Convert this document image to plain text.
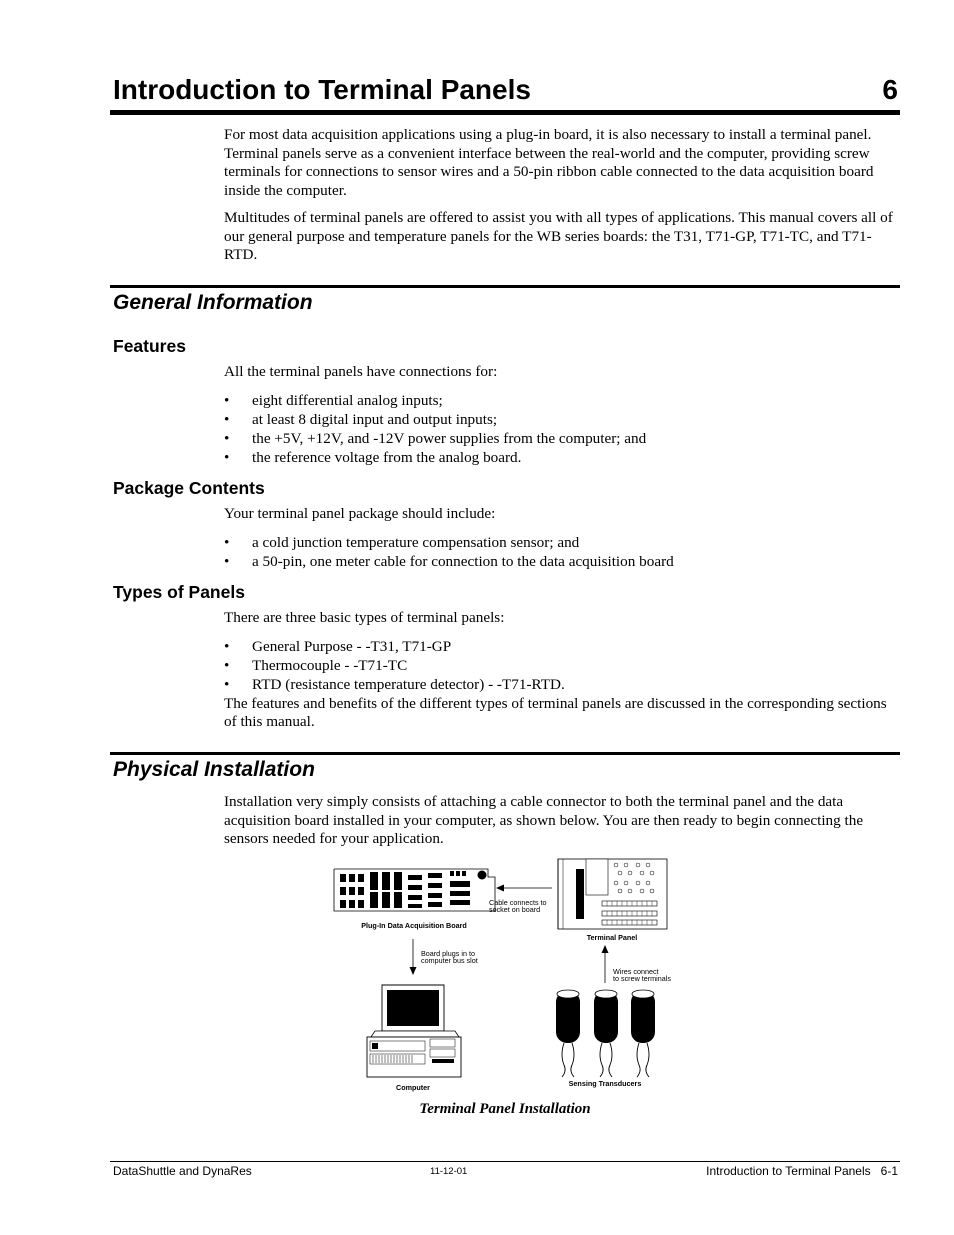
Introduction to Terminal Panels	6

For most data acquisition applications using a plug-in board, it is also necessary to install a terminal panel. Terminal panels serve as a convenient interface between the real-world and the computer, providing screw terminals for connections to sensor wires and a 50-pin ribbon cable connected to the data acquisition board inside the computer.

Multitudes of terminal panels are offered to assist you with all types of applications. This manual covers all of our general purpose and temperature panels for the WB series boards: the T31, T71-GP, T71-TC, and T71-RTD.

General Information
Features

All the terminal panels have connections for:

• eight differential analog inputs;
• at least 8 digital input and output inputs;
• the +5V, +12V, and -12V power supplies from the computer; and
• the reference voltage from the analog board.
Package Contents

Your terminal panel package should include:

• a cold junction temperature compensation sensor; and
• a 50-pin, one meter cable for connection to the data acquisition board
Types of Panels

There are three basic types of terminal panels:

• General Purpose - -T31, T71-GP
• Thermocouple - -T71-TC
• RTD (resistance temperature detector) - -T71-RTD.

The features and benefits of the different types of terminal panels are discussed in the corresponding sections of this manual.

Physical Installation
Installation very simply consists of attaching a cable connector to both the terminal panel and the data acquisition board installed in your computer, as shown below. You are then ready to begin connecting the sensors needed for your application.
Plug-In Data Acquisition Board
Cable connects to
socket on board
Terminal Panel
Board plugs in to
computer bus slot
Wires connect
to screw terminals
Computer	Sensing Transducers
Terminal Panel Installation
DataShuttle and DynaRes	11-12-01	Introduction to Terminal Panels   6-1
